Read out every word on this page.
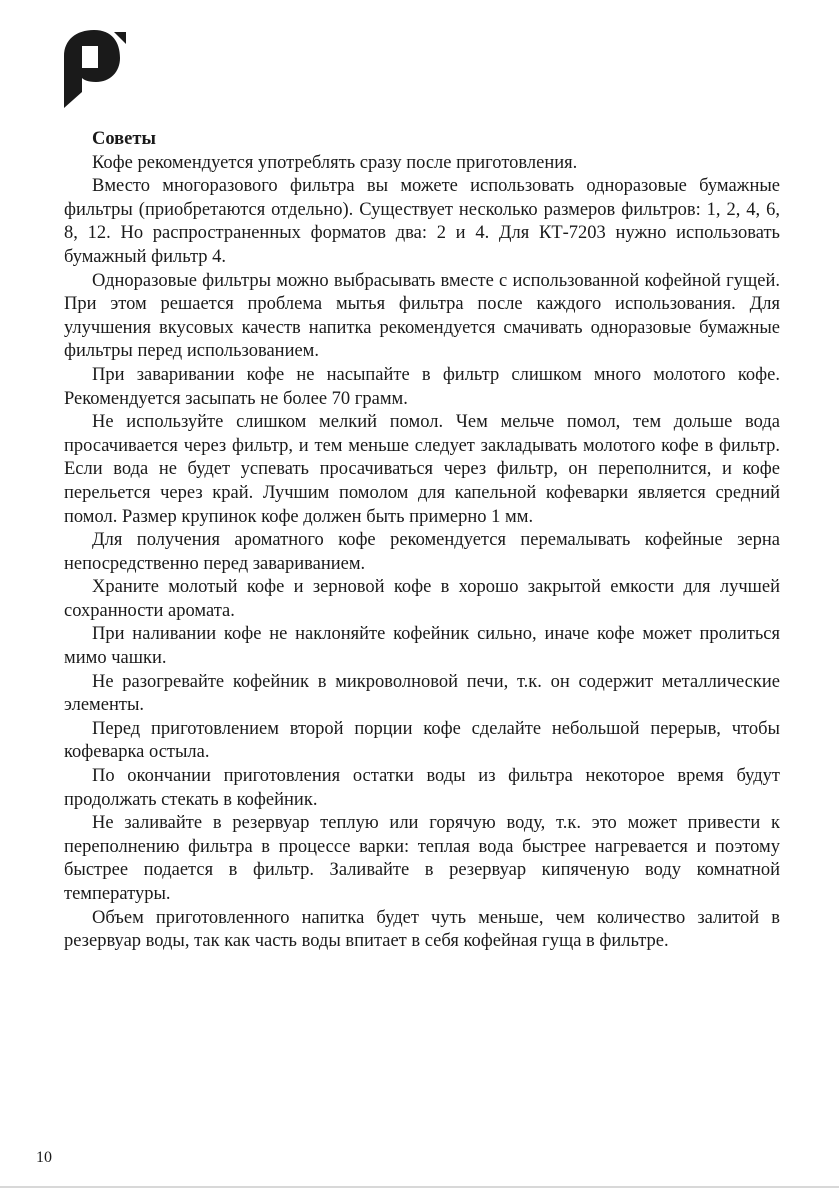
Советы

Кофе рекомендуется употреблять сразу после приготовления.

Вместо многоразового фильтра вы можете использовать одноразовые бумажные фильтры (приобретаются отдельно). Существует несколько размеров фильтров: 1, 2, 4, 6, 8, 12. Но распространенных форматов два: 2 и 4. Для КТ-7203 нужно использовать бумажный фильтр 4.

Одноразовые фильтры можно выбрасывать вместе с использованной кофейной гущей. При этом решается проблема мытья фильтра после каждого использования. Для улучшения вкусовых качеств напитка рекомендуется смачивать одноразовые бумажные фильтры перед использованием.

При заваривании кофе не насыпайте в фильтр слишком много молотого кофе. Рекомендуется засыпать не более 70 грамм.

Не используйте слишком мелкий помол. Чем мельче помол, тем дольше вода просачивается через фильтр, и тем меньше следует закладывать молотого кофе в фильтр. Если вода не будет успевать просачиваться через фильтр, он переполнится, и кофе перельется через край. Лучшим помолом для капельной кофеварки является средний помол. Размер крупинок кофе должен быть примерно 1 мм.

Для получения ароматного кофе рекомендуется перемалывать кофейные зерна непосредственно перед завариванием.

Храните молотый кофе и зерновой кофе в хорошо закрытой емкости для лучшей сохранности аромата.

При наливании кофе не наклоняйте кофейник сильно, иначе кофе может пролиться мимо чашки.

Не разогревайте кофейник в микроволновой печи, т.к. он содержит металлические элементы.

Перед приготовлением второй порции кофе сделайте небольшой перерыв, чтобы кофеварка остыла.

По окончании приготовления остатки воды из фильтра некоторое время будут продолжать стекать в кофейник.

Не заливайте в резервуар теплую или горячую воду, т.к. это может привести к переполнению фильтра в процессе варки: теплая вода быстрее нагревается и поэтому быстрее подается в фильтр. Заливайте в резервуар кипяченую воду комнатной температуры.

Объем приготовленного напитка будет чуть меньше, чем количество залитой в резервуар воды, так как часть воды впитает в себя кофейная гуща в фильтре.

10
